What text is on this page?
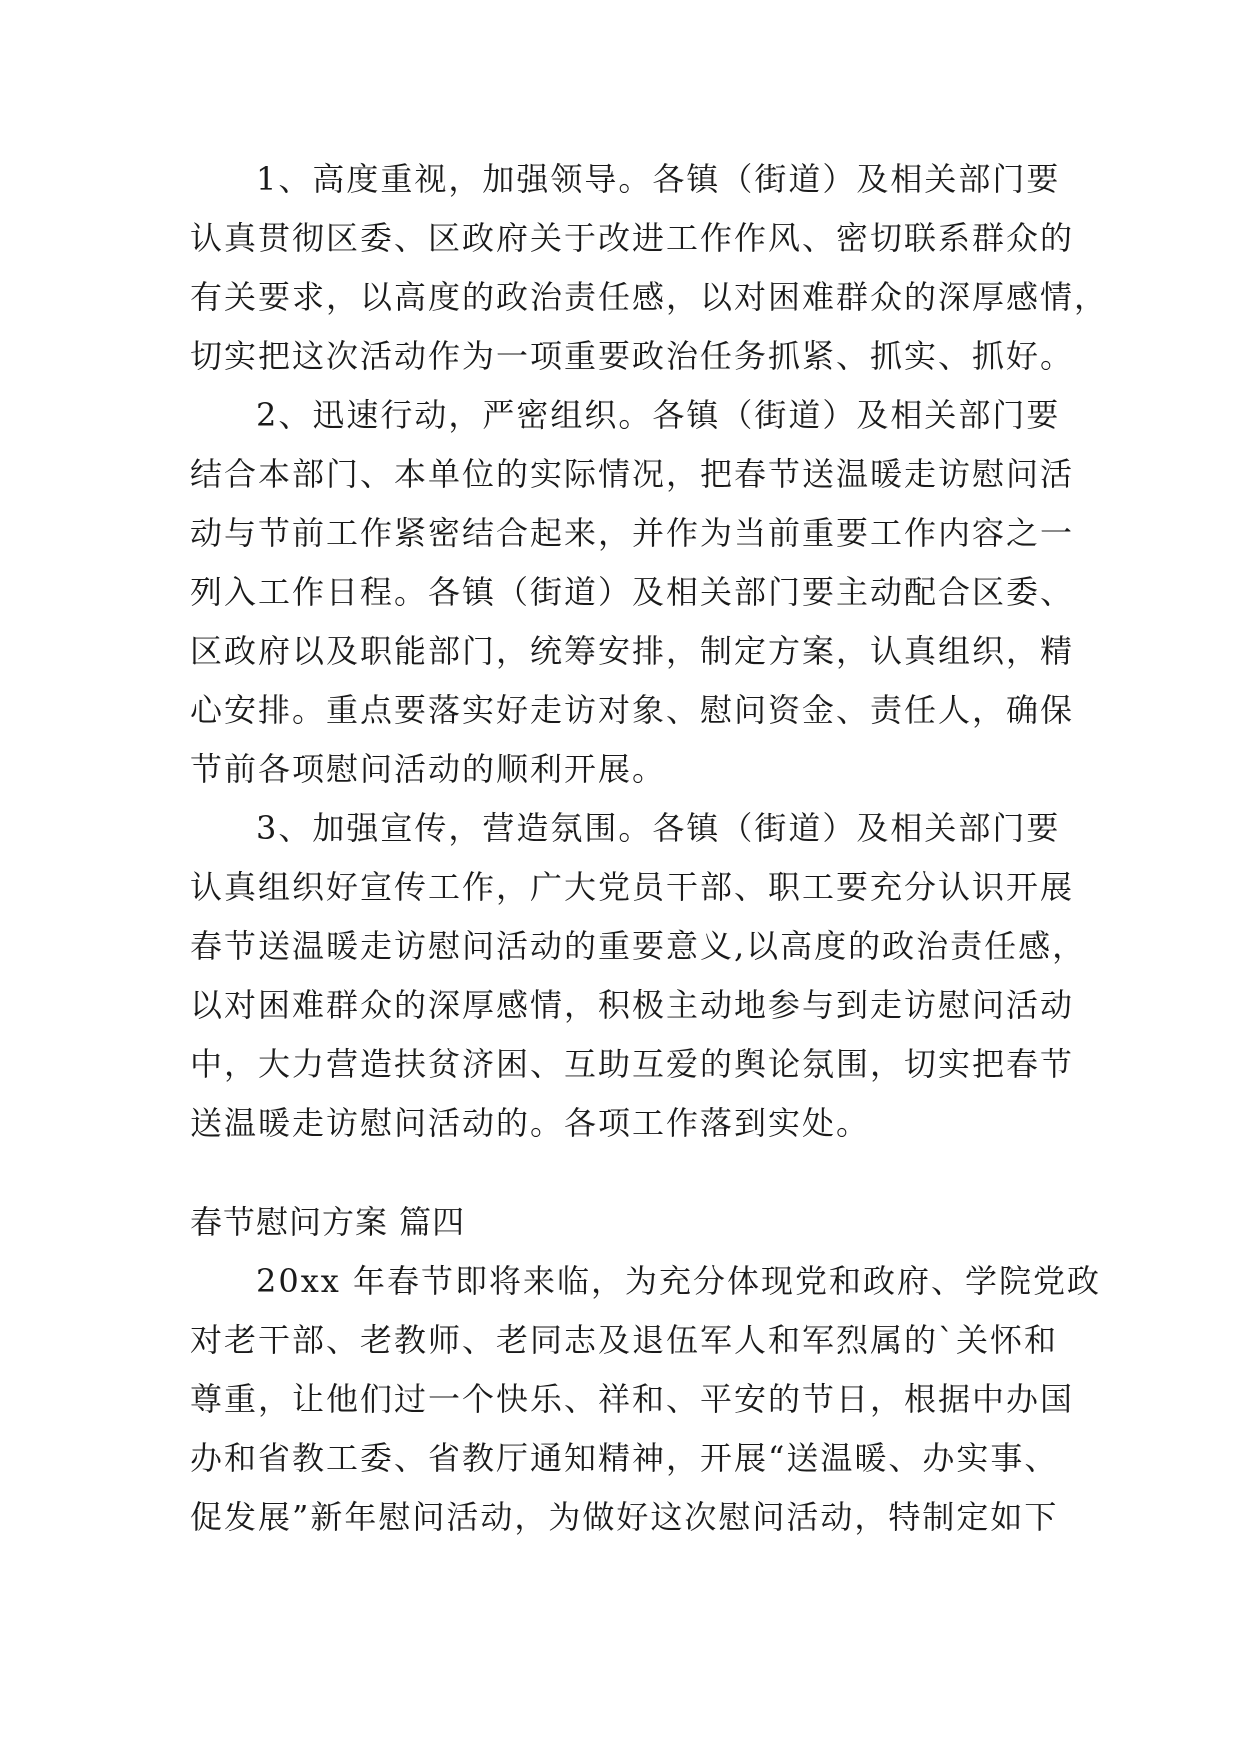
1、高度重视，加强领导。各镇（街道）及相关部门要
认真贯彻区委、区政府关于改进工作作风、密切联系群众的
有关要求，以高度的政治责任感，以对困难群众的深厚感情，
切实把这次活动作为一项重要政治任务抓紧、抓实、抓好。

2、迅速行动，严密组织。各镇（街道）及相关部门要
结合本部门、本单位的实际情况，把春节送温暖走访慰问活
动与节前工作紧密结合起来，并作为当前重要工作内容之一
列入工作日程。各镇（街道）及相关部门要主动配合区委、
区政府以及职能部门，统筹安排，制定方案，认真组织，精
心安排。重点要落实好走访对象、慰问资金、责任人，确保
节前各项慰问活动的顺利开展。

3、加强宣传，营造氛围。各镇（街道）及相关部门要
认真组织好宣传工作，广大党员干部、职工要充分认识开展
春节送温暖走访慰问活动的重要意义,以高度的政治责任感，
以对困难群众的深厚感情，积极主动地参与到走访慰问活动
中，大力营造扶贫济困、互助互爱的舆论氛围，切实把春节
送温暖走访慰问活动的。各项工作落到实处。

春节慰问方案 篇四

20xx 年春节即将来临，为充分体现党和政府、学院党政
对老干部、老教师、老同志及退伍军人和军烈属的`关怀和
尊重，让他们过一个快乐、祥和、平安的节日，根据中办国
办和省教工委、省教厅通知精神，开展“送温暖、办实事、
促发展”新年慰问活动，为做好这次慰问活动，特制定如下
